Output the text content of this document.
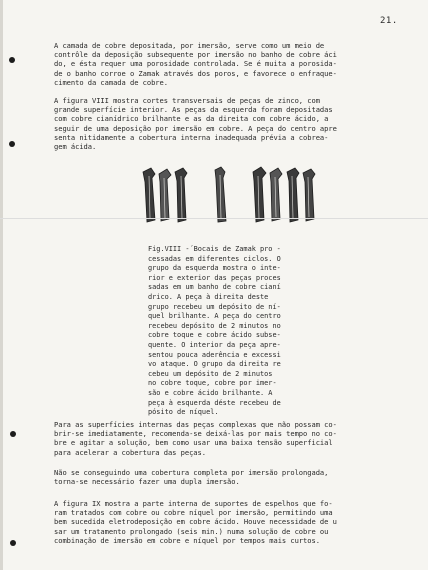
21.
A camada de cobre depositada, por imersão, serve como um meio de
contrôle da deposição subsequente por imersão no banho de cobre áci
do, e ésta requer uma porosidade controlada. Se é muita a porosida-
de o banho corroe o Zamak através dos poros, e favorece o enfraque-
cimento da camada de cobre.
A figura VIII mostra cortes transversais de peças de zinco, com
grande superfície interior. As peças da esquerda foram depositadas
com cobre cianídrico brilhante e as da direita com cobre ácido, a
seguir de uma deposição por imersão em cobre. A peça do centro apre
senta nìtidamente a cobertura interna inadequada prévia a cobrea-
gem ácida.
Fig.VIII -´Bocais de Zamak pro -
cessadas em diferentes ciclos. O
grupo da esquerda mostra o inte-
rior e exterior das peças proces
sadas em um banho de cobre cianí
drico. A peça à direita deste
grupo recebeu um depósito de ní-
quel brilhante. A peça do centro
recebeu depósito de 2 minutos no
cobre toque e cobre ácido subse-
quente. O interior da peça apre-
sentou pouca aderência e excessi
vo ataque. O grupo da direita re
cebeu um depósito de 2 minutos
no cobre toque, cobre por imer-
são e cobre ácido brilhante. A
peça à esquerda déste recebeu de
pósito de níquel.
Para as superfícies internas das peças complexas que não possam co-
brir-se imediatamente, recomenda-se deixá-las por mais tempo no co-
bre e agitar a solução, bem como usar uma baixa tensão superficial
para acelerar a cobertura das peças.
Não se conseguindo uma cobertura completa por imersão prolongada,
torna-se necessário fazer uma dupla imersão.
A figura IX mostra a parte interna de suportes de espelhos que fo-
ram tratados com cobre ou cobre níquel por imersão, permitindo uma
bem sucedida eletrodeposição em cobre ácido. Houve necessidade de u
sar um tratamento prolongado (seis min.) numa solução de cobre ou
combinação de imersão em cobre e níquel por tempos mais curtos.
